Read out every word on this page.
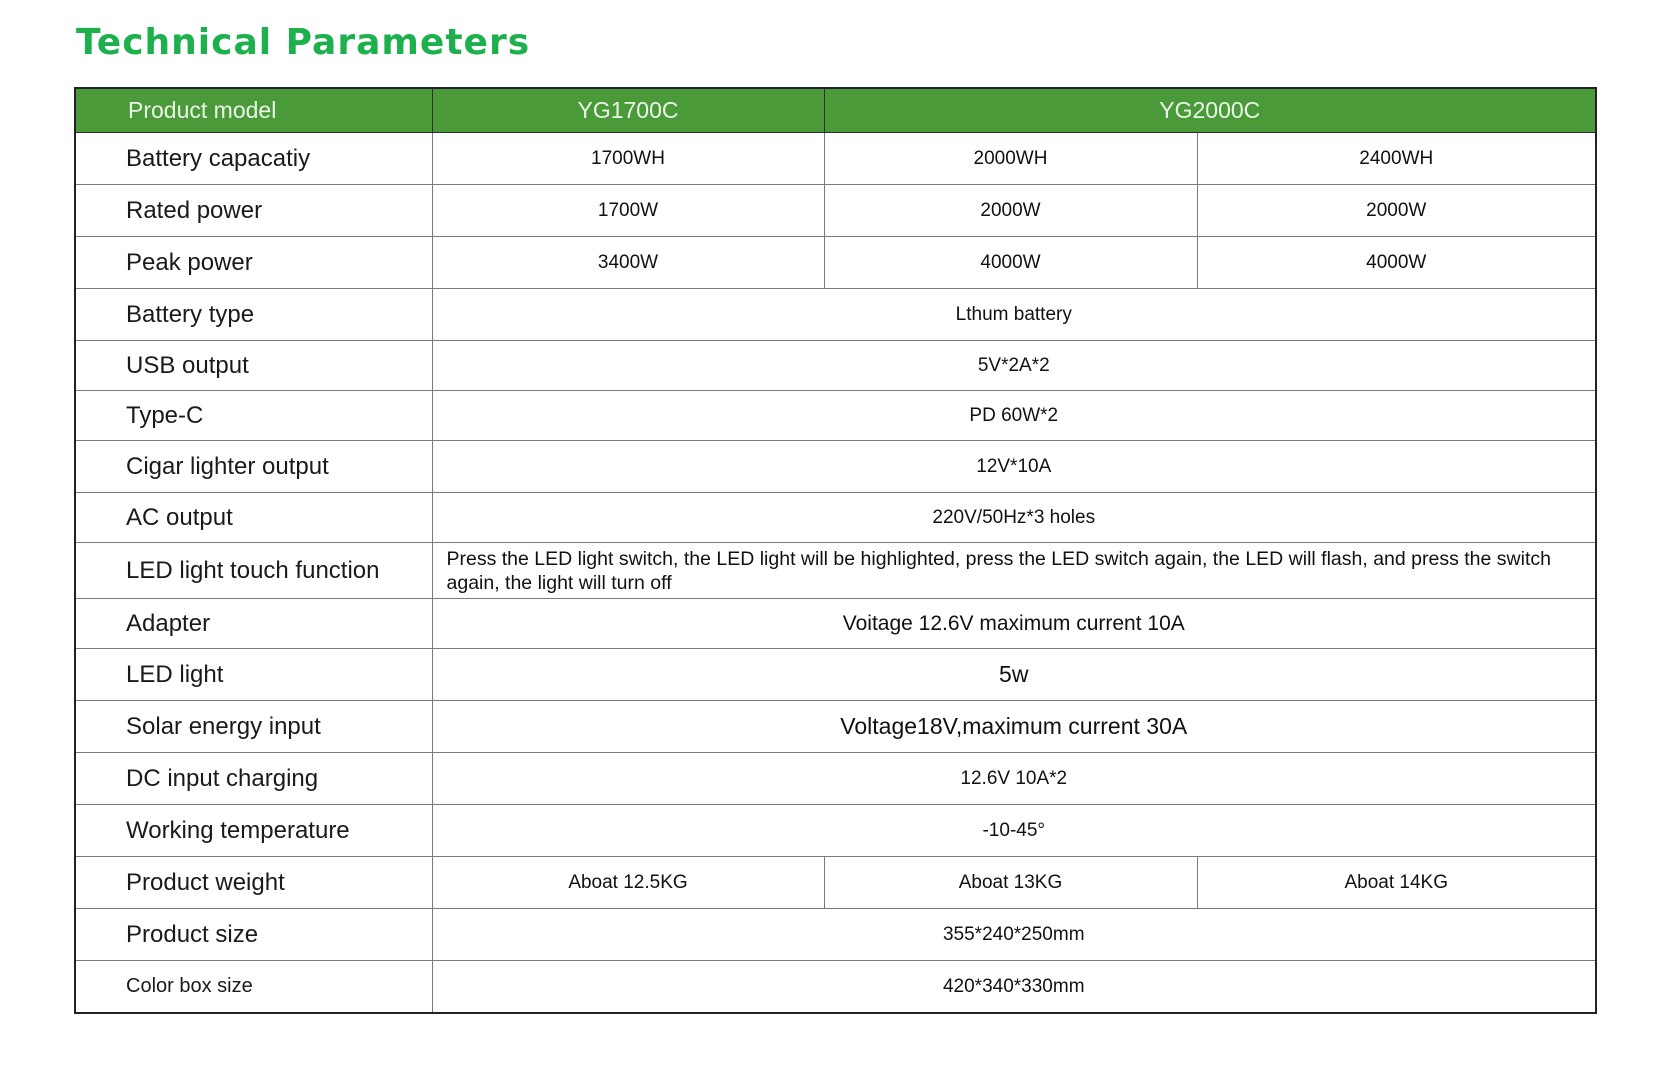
Technical Parameters
Product model	YG1700C	YG2000C	
Battery capacatiy	1700WH	2000WH	2400WH
Rated power	1700W	2000W	2000W
Peak power	3400W	4000W	4000W
Battery type	Lthum battery		
USB output	5V*2A*2		
Type-C	PD 60W*2		
Cigar lighter output	12V*10A		
AC output	220V/50Hz*3 holes		
LED light touch function	Press the LED light switch, the LED light will be highlighted, press the LED switch again, the LED will flash, and press the switch again, the light will turn off		
Adapter	Voitage 12.6V maximum current 10A		
LED light	5w		
Solar energy input	Voltage18V,maximum current 30A		
DC input charging	12.6V 10A*2		
Working temperature	-10-45°		
Product weight	Aboat 12.5KG	Aboat 13KG	Aboat 14KG
Product size	355*240*250mm		
Color box size	420*340*330mm		
